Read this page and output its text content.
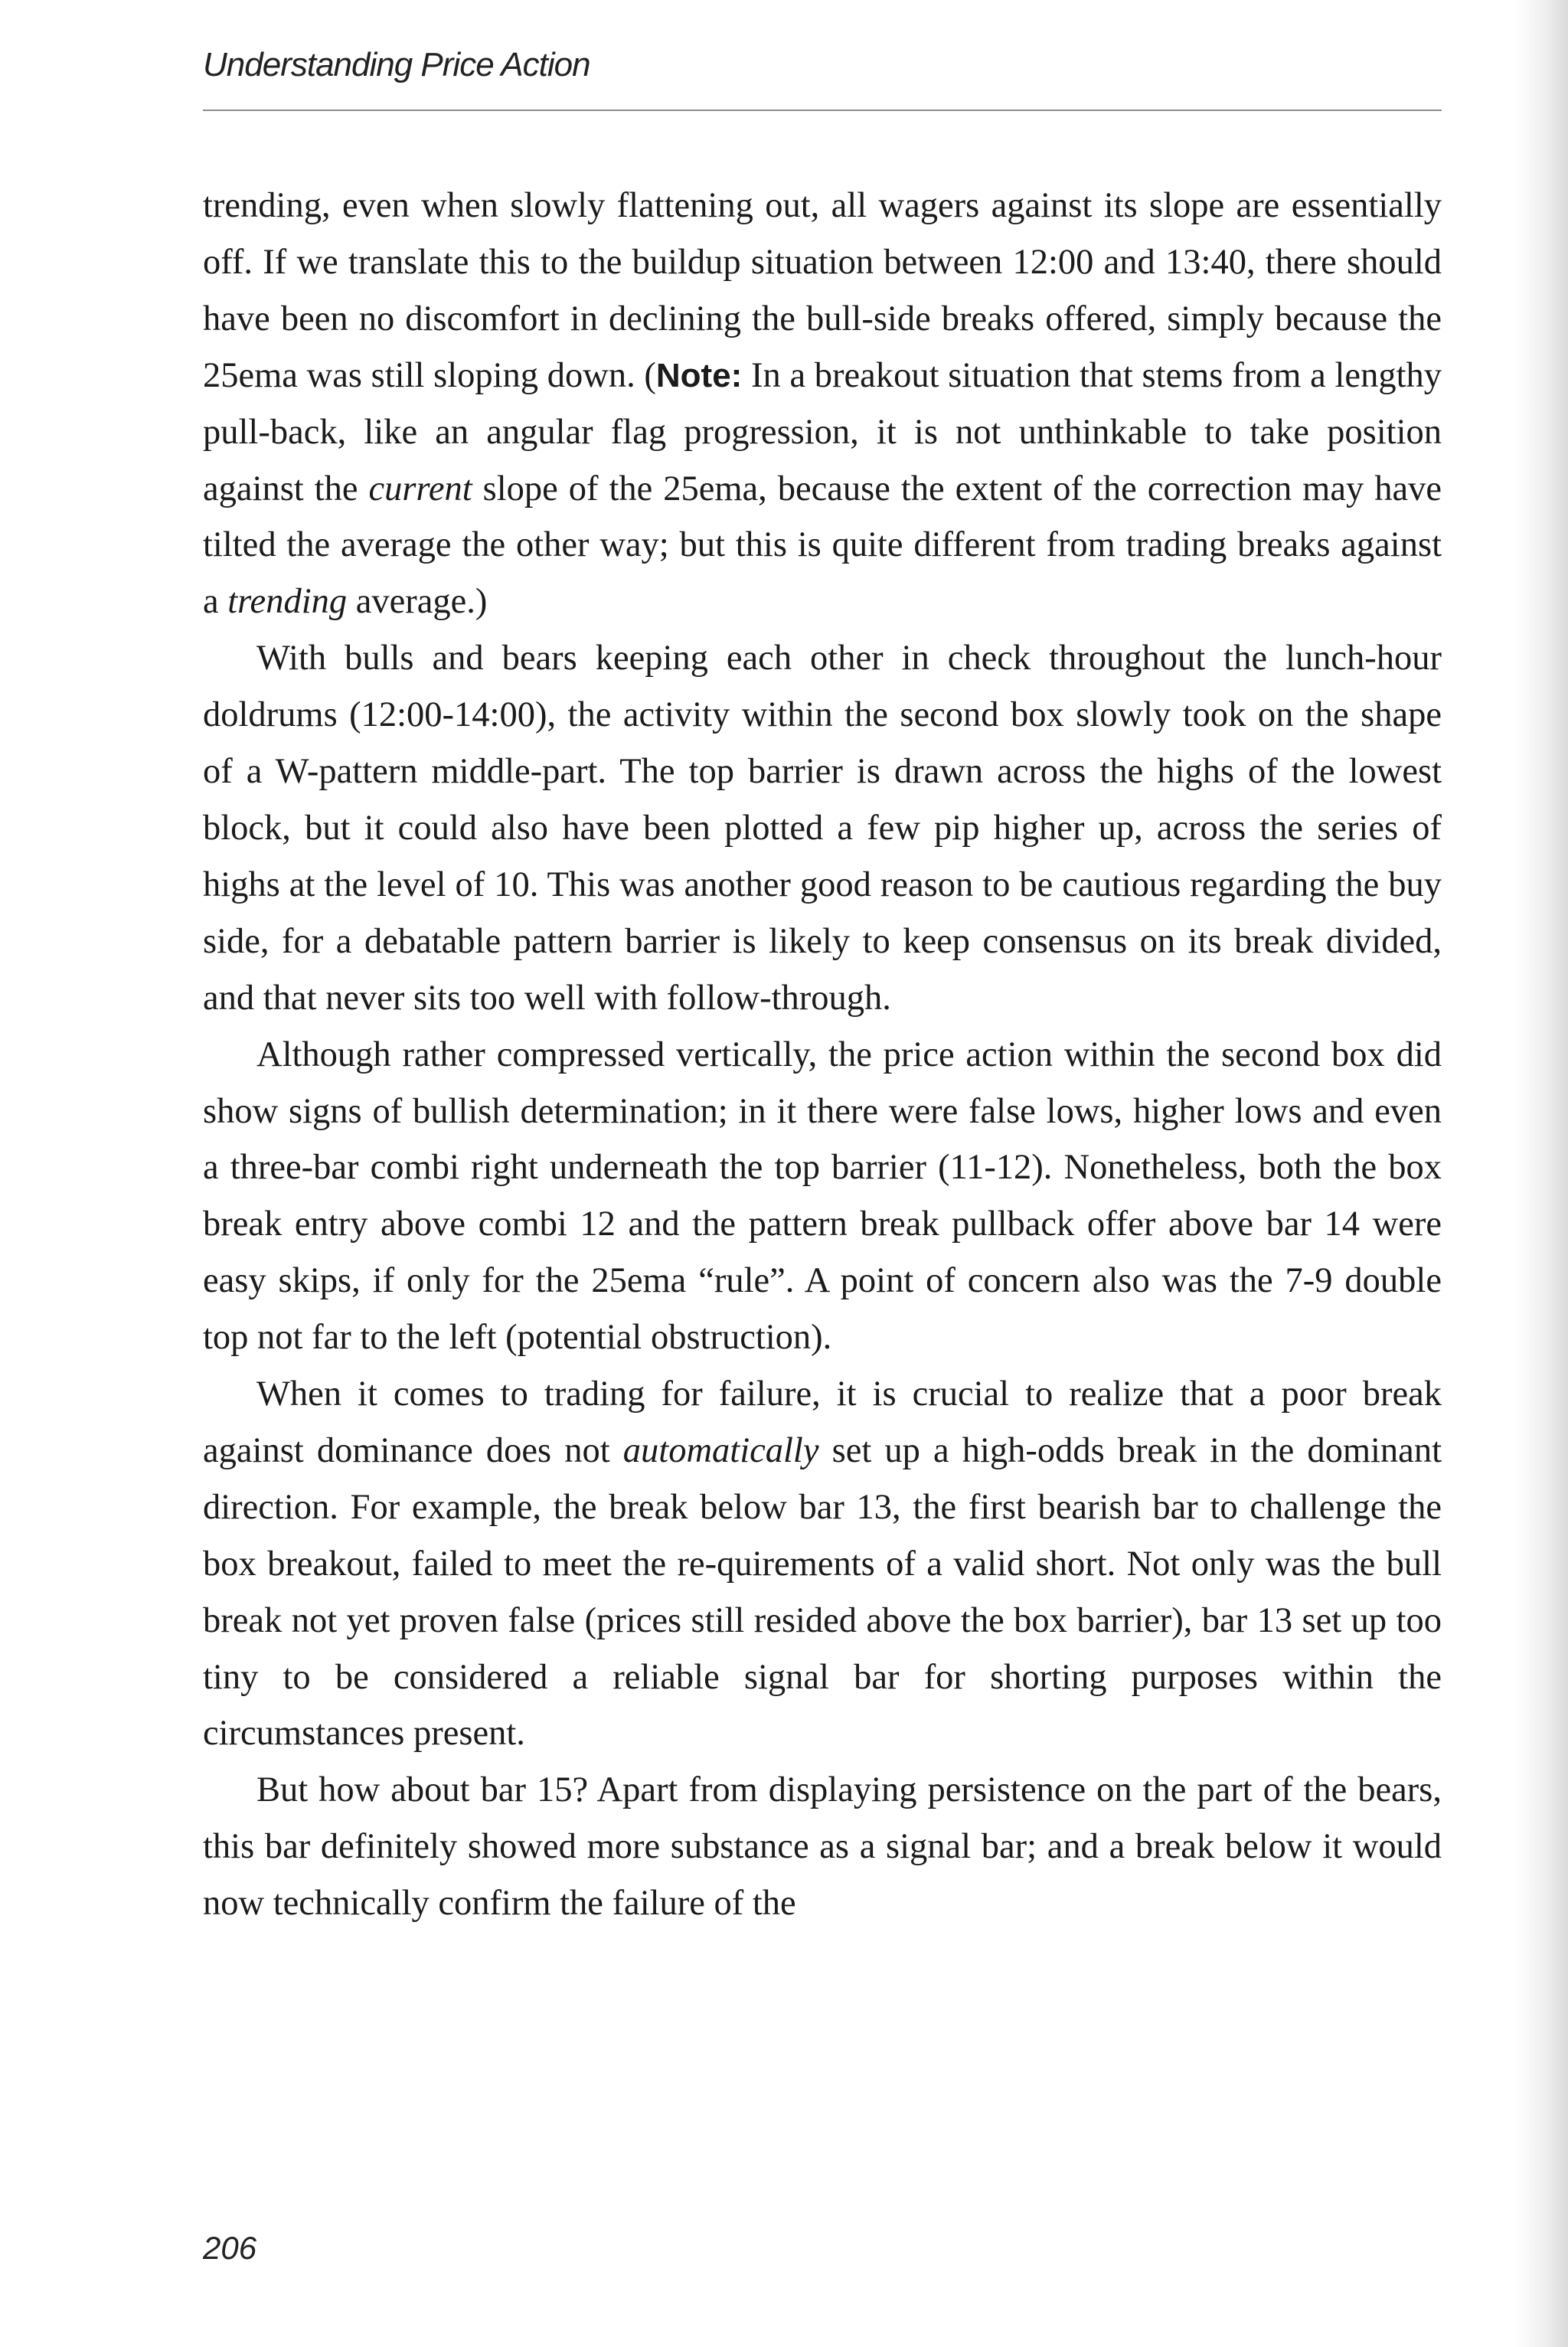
Understanding Price Action

trending, even when slowly flattening out, all wagers against its slope are essentially off. If we translate this to the buildup situation between 12:00 and 13:40, there should have been no discomfort in declining the bull-side breaks offered, simply because the 25ema was still sloping down. (Note: In a breakout situation that stems from a lengthy pull-back, like an angular flag progression, it is not unthinkable to take position against the current slope of the 25ema, because the extent of the correction may have tilted the average the other way; but this is quite different from trading breaks against a trending average.)

With bulls and bears keeping each other in check throughout the lunch-hour doldrums (12:00-14:00), the activity within the second box slowly took on the shape of a W-pattern middle-part. The top barrier is drawn across the highs of the lowest block, but it could also have been plotted a few pip higher up, across the series of highs at the level of 10. This was another good reason to be cautious regarding the buy side, for a debatable pattern barrier is likely to keep consensus on its break divided, and that never sits too well with follow-through.

Although rather compressed vertically, the price action within the second box did show signs of bullish determination; in it there were false lows, higher lows and even a three-bar combi right underneath the top barrier (11-12). Nonetheless, both the box break entry above combi 12 and the pattern break pullback offer above bar 14 were easy skips, if only for the 25ema “rule”. A point of concern also was the 7-9 double top not far to the left (potential obstruction).

When it comes to trading for failure, it is crucial to realize that a poor break against dominance does not automatically set up a high-odds break in the dominant direction. For example, the break below bar 13, the first bearish bar to challenge the box breakout, failed to meet the re-quirements of a valid short. Not only was the bull break not yet proven false (prices still resided above the box barrier), bar 13 set up too tiny to be considered a reliable signal bar for shorting purposes within the circumstances present.

But how about bar 15? Apart from displaying persistence on the part of the bears, this bar definitely showed more substance as a signal bar; and a break below it would now technically confirm the failure of the

206
